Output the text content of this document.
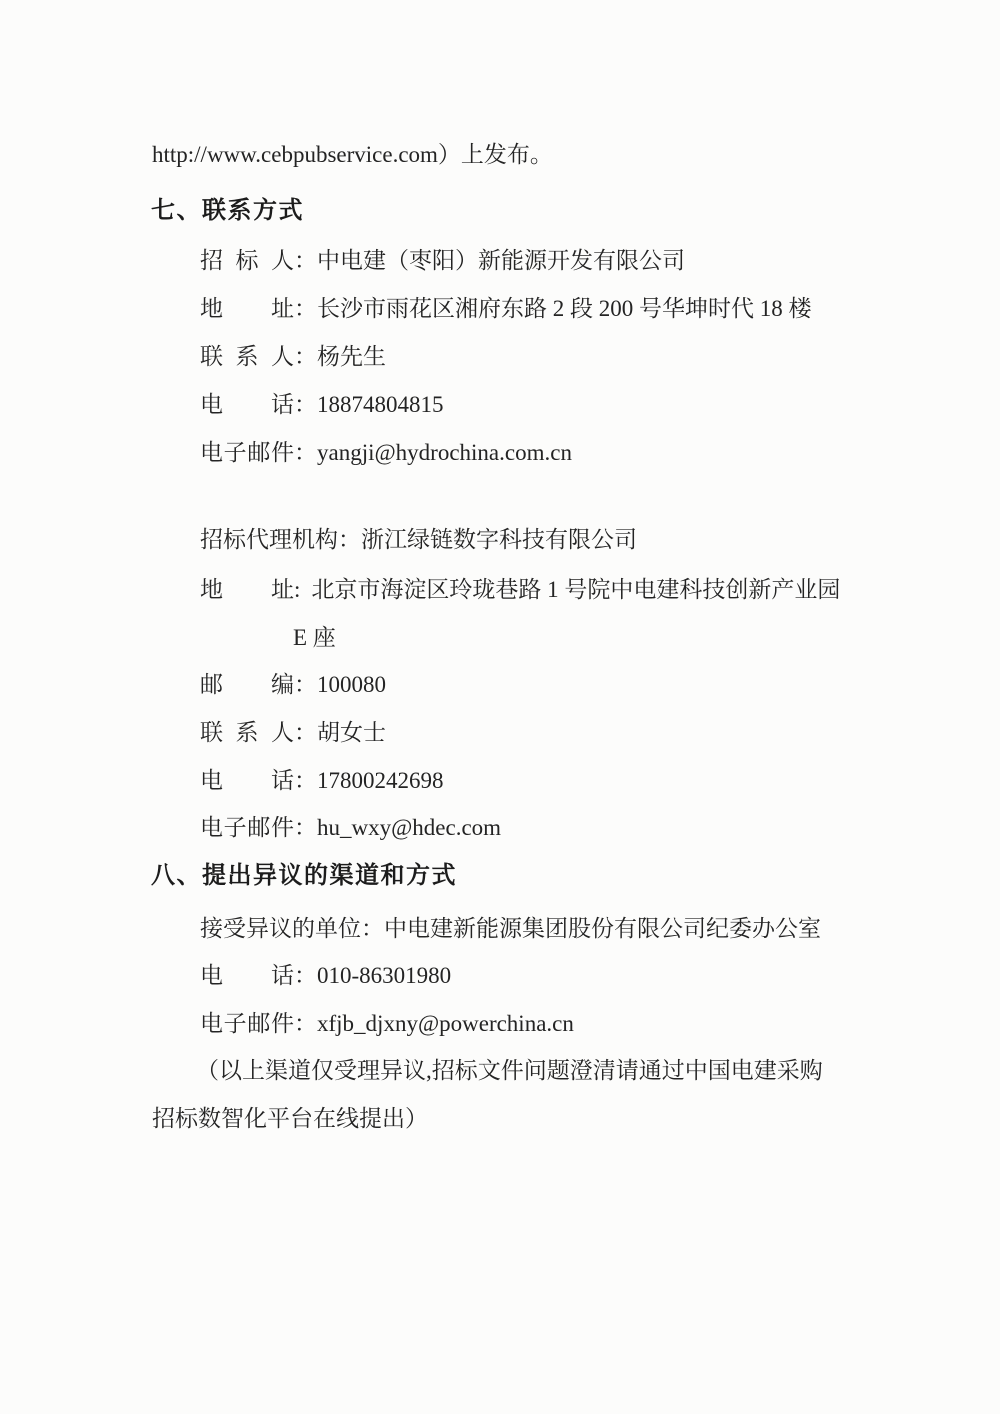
http://www.cebpubservice.com）上发布。
七、联系方式
招标人：中电建（枣阳）新能源开发有限公司
地址：长沙市雨花区湘府东路 2 段 200 号华坤时代 18 楼
联系人：杨先生
电话：18874804815
电子邮件：yangji@hydrochina.com.cn
招标代理机构：浙江绿链数字科技有限公司
地址: 北京市海淀区玲珑巷路 1 号院中电建科技创新产业园
E 座
邮编：100080
联系人：胡女士
电话：17800242698
电子邮件：hu_wxy@hdec.com
八、提出异议的渠道和方式
接受异议的单位：中电建新能源集团股份有限公司纪委办公室
电话：010-86301980
电子邮件：xfjb_djxny@powerchina.cn
（以上渠道仅受理异议,招标文件问题澄清请通过中国电建采购
招标数智化平台在线提出）
